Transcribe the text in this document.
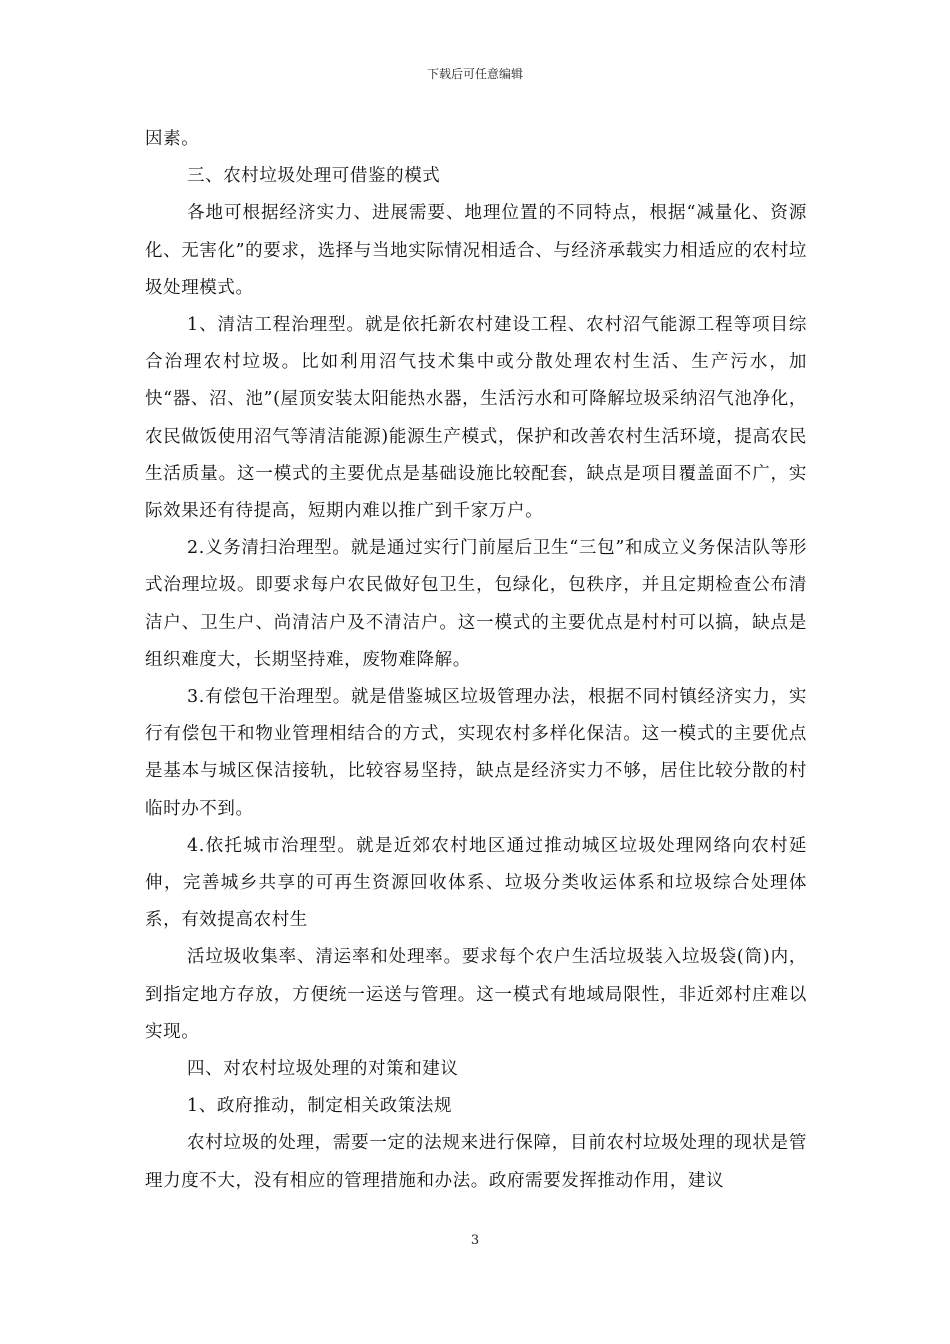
下载后可任意编辑

因素。

三、农村垃圾处理可借鉴的模式

各地可根据经济实力、进展需要、地理位置的不同特点，根据“减量化、资源化、无害化”的要求，选择与当地实际情况相适合、与经济承载实力相适应的农村垃圾处理模式。

1、清洁工程治理型。就是依托新农村建设工程、农村沼气能源工程等项目综合治理农村垃圾。比如利用沼气技术集中或分散处理农村生活、生产污水，加快“器、沼、池”(屋顶安装太阳能热水器，生活污水和可降解垃圾采纳沼气池净化，农民做饭使用沼气等清洁能源)能源生产模式，保护和改善农村生活环境，提高农民生活质量。这一模式的主要优点是基础设施比较配套，缺点是项目覆盖面不广，实际效果还有待提高，短期内难以推广到千家万户。

2.义务清扫治理型。就是通过实行门前屋后卫生“三包”和成立义务保洁队等形式治理垃圾。即要求每户农民做好包卫生，包绿化，包秩序，并且定期检查公布清洁户、卫生户、尚清洁户及不清洁户。这一模式的主要优点是村村可以搞，缺点是组织难度大，长期坚持难，废物难降解。

3.有偿包干治理型。就是借鉴城区垃圾管理办法，根据不同村镇经济实力，实行有偿包干和物业管理相结合的方式，实现农村多样化保洁。这一模式的主要优点是基本与城区保洁接轨，比较容易坚持，缺点是经济实力不够，居住比较分散的村临时办不到。

4.依托城市治理型。就是近郊农村地区通过推动城区垃圾处理网络向农村延伸，完善城乡共享的可再生资源回收体系、垃圾分类收运体系和垃圾综合处理体系，有效提高农村生

活垃圾收集率、清运率和处理率。要求每个农户生活垃圾装入垃圾袋(筒)内，到指定地方存放，方便统一运送与管理。这一模式有地域局限性，非近郊村庄难以实现。

四、对农村垃圾处理的对策和建议

1、政府推动，制定相关政策法规

农村垃圾的处理，需要一定的法规来进行保障，目前农村垃圾处理的现状是管理力度不大，没有相应的管理措施和办法。政府需要发挥推动作用，建议

3
